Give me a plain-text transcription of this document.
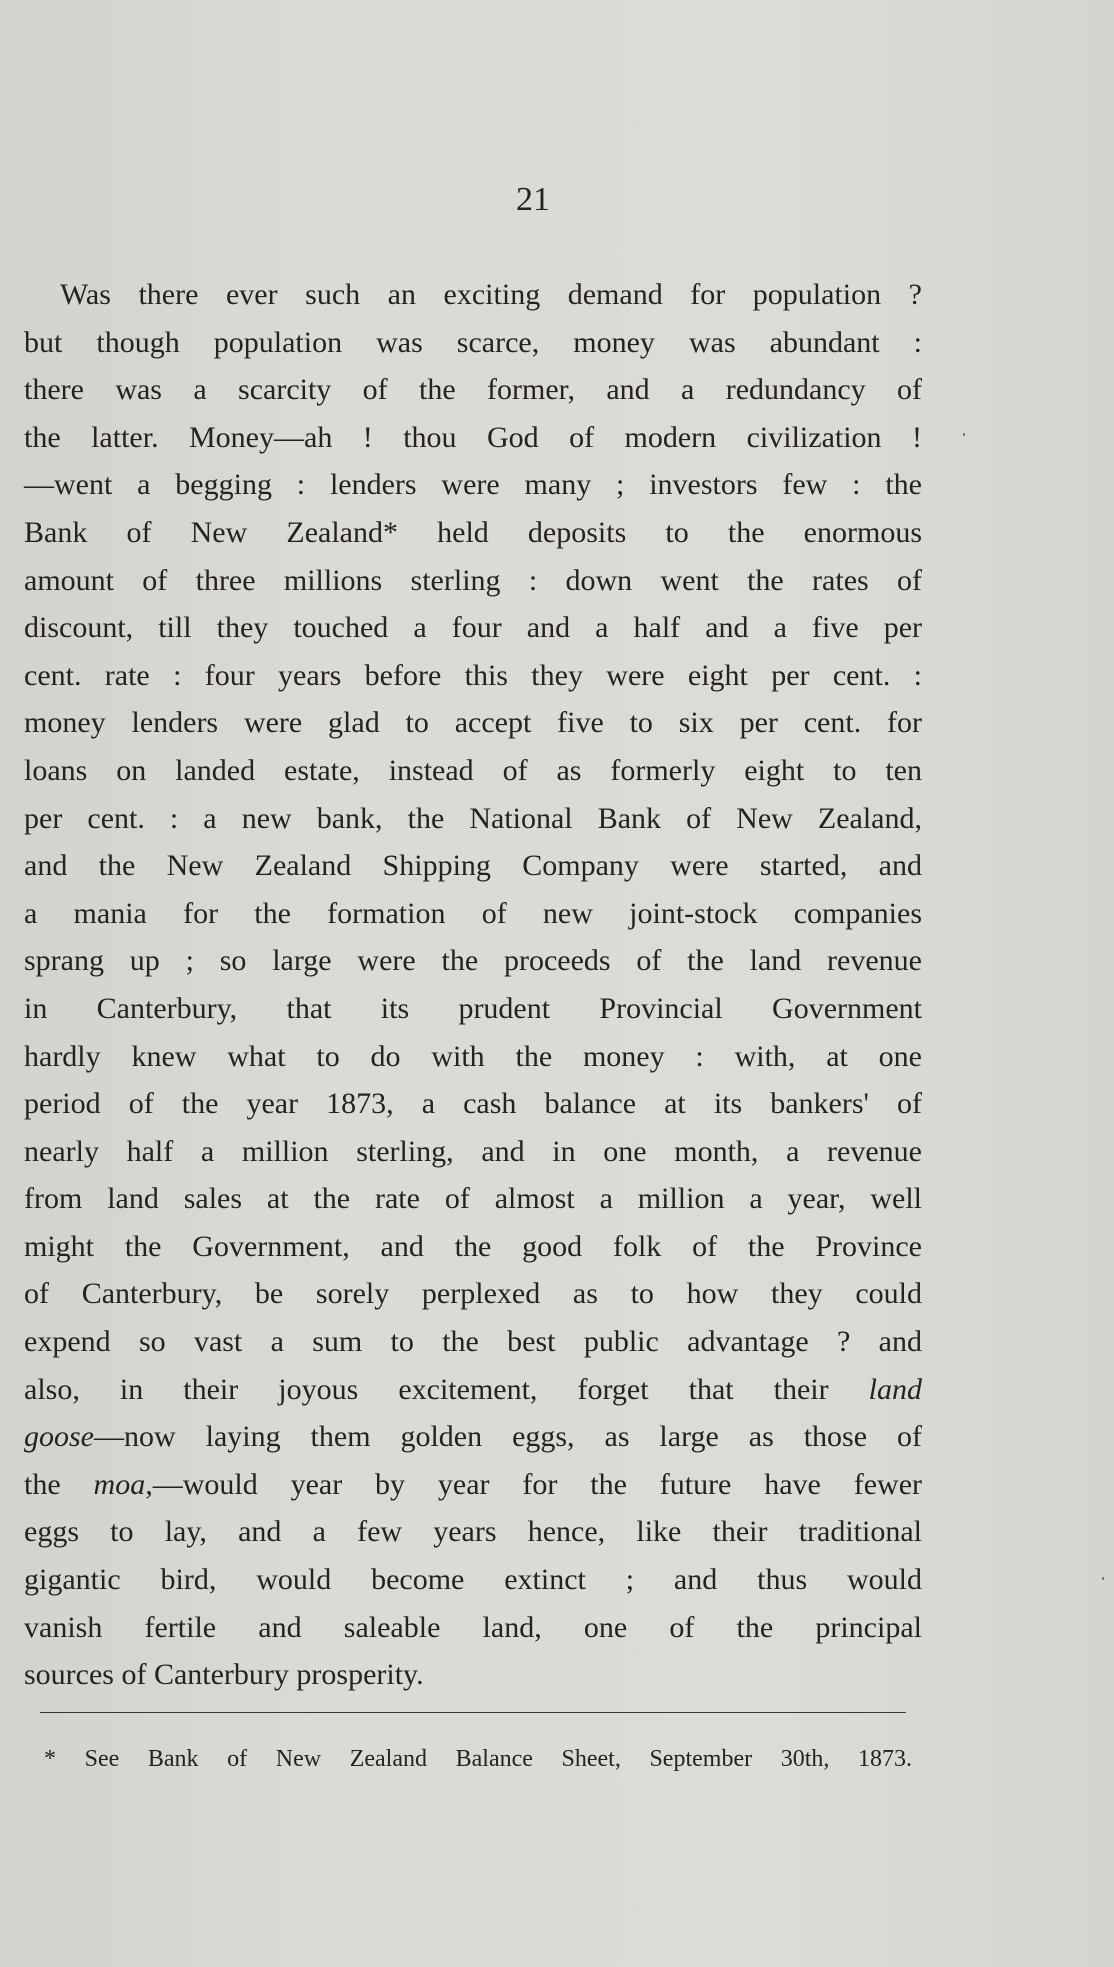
21
Was there ever such an exciting demand for population ?
but though population was scarce, money was abundant :
there was a scarcity of the former, and a redundancy of
the latter. Money—ah ! thou God of modern civilization !
—went a begging : lenders were many ; investors few : the
Bank of New Zealand* held deposits to the enormous
amount of three millions sterling : down went the rates of
discount, till they touched a four and a half and a five per
cent. rate : four years before this they were eight per cent. :
money lenders were glad to accept five to six per cent. for
loans on landed estate, instead of as formerly eight to ten
per cent. : a new bank, the National Bank of New Zealand,
and the New Zealand Shipping Company were started, and
a mania for the formation of new joint-stock companies
sprang up ; so large were the proceeds of the land revenue
in Canterbury, that its prudent Provincial Government
hardly knew what to do with the money : with, at one
period of the year 1873, a cash balance at its bankers' of
nearly half a million sterling, and in one month, a revenue
from land sales at the rate of almost a million a year, well
might the Government, and the good folk of the Province
of Canterbury, be sorely perplexed as to how they could
expend so vast a sum to the best public advantage ? and
also, in their joyous excitement, forget that their land
goose—now laying them golden eggs, as large as those of
the moa,—would year by year for the future have fewer
eggs to lay, and a few years hence, like their traditional
gigantic bird, would become extinct ; and thus would
vanish fertile and saleable land, one of the principal
sources of Canterbury prosperity.
* See Bank of New Zealand Balance Sheet, September 30th, 1873.
